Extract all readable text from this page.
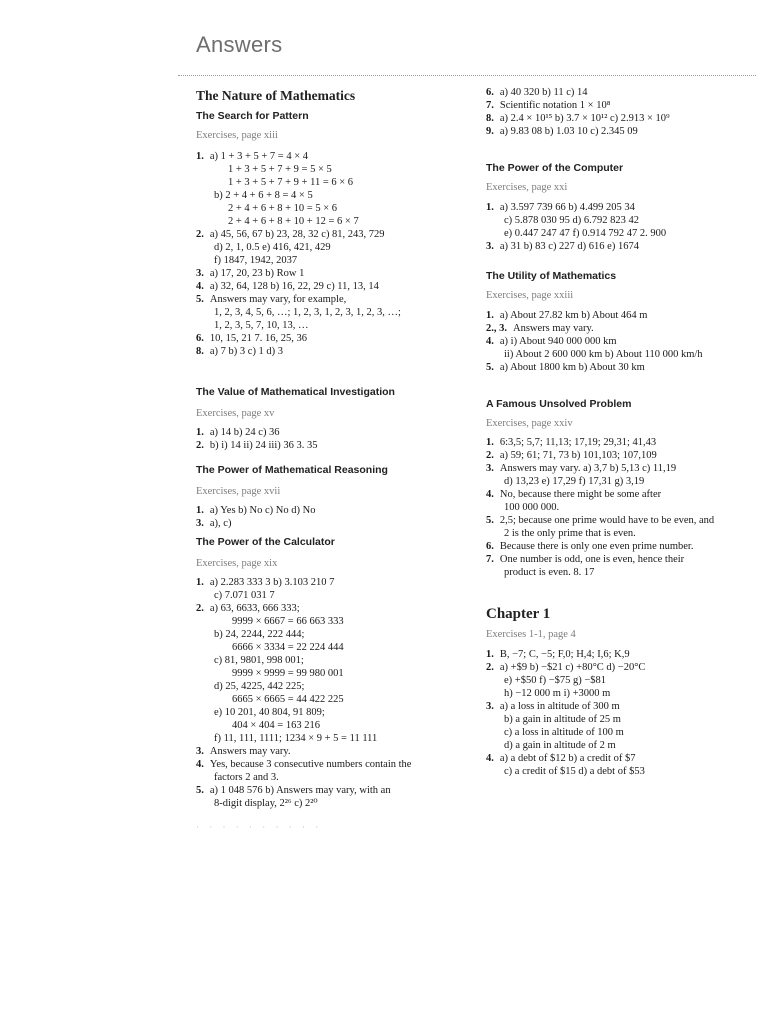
Answers
The Nature of Mathematics
The Search for Pattern
Exercises, page xiii
1. a) 1 + 3 + 5 + 7 = 4 × 4
1 + 3 + 5 + 7 + 9 = 5 × 5
1 + 3 + 5 + 7 + 9 + 11 = 6 × 6
b) 2 + 4 + 6 + 8 = 4 × 5
2 + 4 + 6 + 8 + 10 = 5 × 6
2 + 4 + 6 + 8 + 10 + 12 = 6 × 7
2. a) 45, 56, 67 b) 23, 28, 32 c) 81, 243, 729
d) 2, 1, 0.5 e) 416, 421, 429
f) 1847, 1942, 2037
3. a) 17, 20, 23 b) Row 1
4. a) 32, 64, 128 b) 16, 22, 29 c) 11, 13, 14
5. Answers may vary, for example,
1, 2, 3, 4, 5, 6, …; 1, 2, 3, 1, 2, 3, 1, 2, 3, …;
1, 2, 3, 5, 7, 10, 13, …
6. 10, 15, 21 7. 16, 25, 36
8. a) 7 b) 3 c) 1 d) 3
The Value of Mathematical Investigation
Exercises, page xv
1. a) 14 b) 24 c) 36
2. b) i) 14 ii) 24 iii) 36 3. 35
The Power of Mathematical Reasoning
Exercises, page xvii
1. a) Yes b) No c) No d) No
3. a), c)
The Power of the Calculator
Exercises, page xix
1. a) 2.283 333 3 b) 3.103 210 7
c) 7.071 031 7
2. a) 63, 6633, 666 333;
9999 × 6667 = 66 663 333
b) 24, 2244, 222 444;
6666 × 3334 = 22 224 444
c) 81, 9801, 998 001;
9999 × 9999 = 99 980 001
d) 25, 4225, 442 225;
6665 × 6665 = 44 422 225
e) 10 201, 40 804, 91 809;
404 × 404 = 163 216
f) 11, 111, 1111; 1234 × 9 + 5 = 11 111
3. Answers may vary.
4. Yes, because 3 consecutive numbers contain the
factors 2 and 3.
5. a) 1 048 576 b) Answers may vary, with an
8-digit display, 2²⁶ c) 2²⁰
6. a) 40 320 b) 11 c) 14
7. Scientific notation 1 × 10⁸
8. a) 2.4 × 10¹⁵ b) 3.7 × 10¹² c) 2.913 × 10⁹
9. a) 9.83 08 b) 1.03 10 c) 2.345 09
The Power of the Computer
Exercises, page xxi
1. a) 3.597 739 66 b) 4.499 205 34
c) 5.878 030 95 d) 6.792 823 42
e) 0.447 247 47 f) 0.914 792 47 2. 900
3. a) 31 b) 83 c) 227 d) 616 e) 1674
The Utility of Mathematics
Exercises, page xxiii
1. a) About 27.82 km b) About 464 m
2., 3. Answers may vary.
4. a) i) About 940 000 000 km
ii) About 2 600 000 km b) About 110 000 km/h
5. a) About 1800 km b) About 30 km
A Famous Unsolved Problem
Exercises, page xxiv
1. 6:3,5; 5,7; 11,13; 17,19; 29,31; 41,43
2. a) 59; 61; 71, 73 b) 101,103; 107,109
3. Answers may vary. a) 3,7 b) 5,13 c) 11,19
d) 13,23 e) 17,29 f) 17,31 g) 3,19
4. No, because there might be some after
100 000 000.
5. 2,5; because one prime would have to be even, and
2 is the only prime that is even.
6. Because there is only one even prime number.
7. One number is odd, one is even, hence their
product is even. 8. 17
Chapter 1
Exercises 1-1, page 4
1. B, −7; C, −5; F,0; H,4; I,6; K,9
2. a) +$9 b) −$21 c) +80°C d) −20°C
e) +$50 f) −$75 g) −$81
h) −12 000 m i) +3000 m
3. a) a loss in altitude of 300 m
b) a gain in altitude of 25 m
c) a loss in altitude of 100 m
d) a gain in altitude of 2 m
4. a) a debt of $12 b) a credit of $7
c) a credit of $15 d) a debt of $53
· · · · · · · · · ·
